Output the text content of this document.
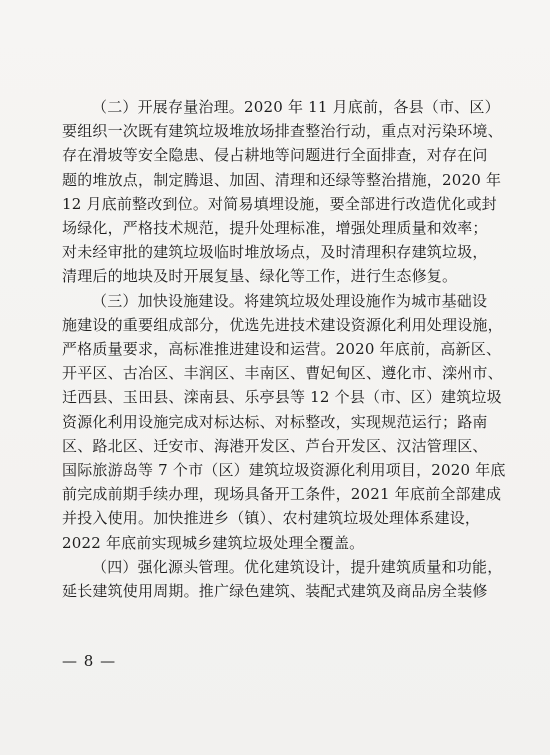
（二）开展存量治理。2020 年 11 月底前，各县（市、区）
要组织一次既有建筑垃圾堆放场排查整治行动，重点对污染环境、
存在滑坡等安全隐患、侵占耕地等问题进行全面排查，对存在问
题的堆放点，制定腾退、加固、清理和还绿等整治措施，2020 年
12 月底前整改到位。对简易填埋设施，要全部进行改造优化或封
场绿化，严格技术规范，提升处理标准，增强处理质量和效率；
对未经审批的建筑垃圾临时堆放场点，及时清理积存建筑垃圾，
清理后的地块及时开展复垦、绿化等工作，进行生态修复。

（三）加快设施建设。将建筑垃圾处理设施作为城市基础设
施建设的重要组成部分，优选先进技术建设资源化利用处理设施，
严格质量要求，高标准推进建设和运营。2020 年底前，高新区、
开平区、古冶区、丰润区、丰南区、曹妃甸区、遵化市、滦州市、
迁西县、玉田县、滦南县、乐亭县等 12 个县（市、区）建筑垃圾
资源化利用设施完成对标达标、对标整改，实现规范运行；路南
区、路北区、迁安市、海港开发区、芦台开发区、汉沽管理区、
国际旅游岛等 7 个市（区）建筑垃圾资源化利用项目，2020 年底
前完成前期手续办理，现场具备开工条件，2021 年底前全部建成
并投入使用。加快推进乡（镇）、农村建筑垃圾处理体系建设，
2022 年底前实现城乡建筑垃圾处理全覆盖。

（四）强化源头管理。优化建筑设计，提升建筑质量和功能，
延长建筑使用周期。推广绿色建筑、装配式建筑及商品房全装修

— 8 —
